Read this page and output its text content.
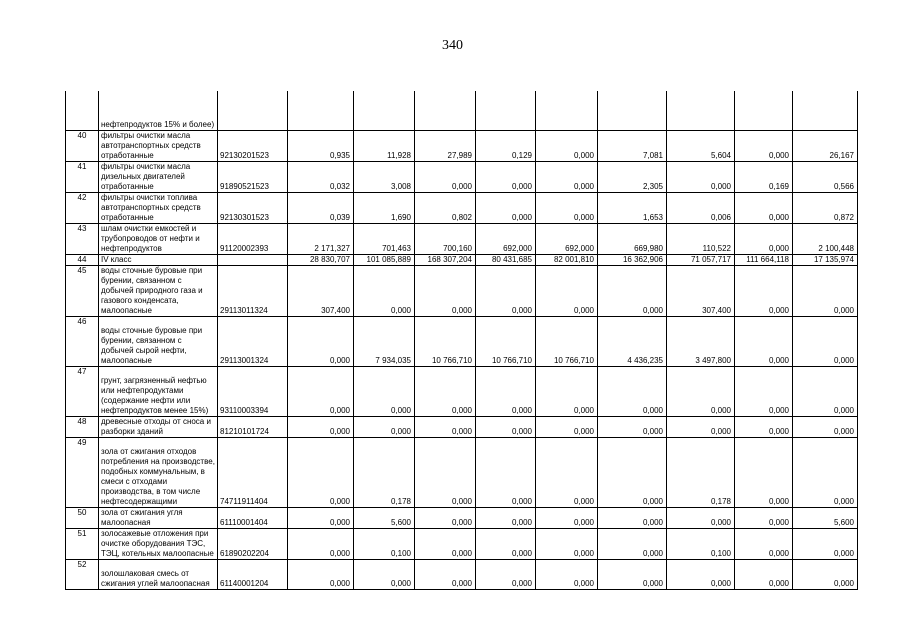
340
	нефтепродуктов 15% и более)										
40	фильтры очистки масла автотранспортных средств отработанные	92130201523	0,935	11,928	27,989	0,129	0,000	7,081	5,604	0,000	26,167
41	фильтры очистки масла дизельных двигателей отработанные	91890521523	0,032	3,008	0,000	0,000	0,000	2,305	0,000	0,169	0,566
42	фильтры очистки топлива автотранспортных средств отработанные	92130301523	0,039	1,690	0,802	0,000	0,000	1,653	0,006	0,000	0,872
43	шлам очистки емкостей и трубопроводов от нефти и нефтепродуктов	91120002393	2 171,327	701,463	700,160	692,000	692,000	669,980	110,522	0,000	2 100,448
44	IV класс		28 830,707	101 085,889	168 307,204	80 431,685	82 001,810	16 362,906	71 057,717	111 664,118	17 135,974
45	воды сточные буровые при бурении, связанном с добычей природного газа и газового конденсата, малоопасные	29113011324	307,400	0,000	0,000	0,000	0,000	0,000	307,400	0,000	0,000
46	воды сточные буровые при бурении, связанном с добычей сырой нефти, малоопасные	29113001324	0,000	7 934,035	10 766,710	10 766,710	10 766,710	4 436,235	3 497,800	0,000	0,000
47	грунт, загрязненный нефтью или нефтепродуктами (содержание нефти или нефтепродуктов менее 15%)	93110003394	0,000	0,000	0,000	0,000	0,000	0,000	0,000	0,000	0,000
48	древесные отходы от сноса и разборки зданий	81210101724	0,000	0,000	0,000	0,000	0,000	0,000	0,000	0,000	0,000
49	зола от сжигания отходов потребления на производстве, подобных коммунальным, в смеси с отходами производства, в том числе нефтесодержащими	74711911404	0,000	0,178	0,000	0,000	0,000	0,000	0,178	0,000	0,000
50	зола от сжигания угля малоопасная	61110001404	0,000	5,600	0,000	0,000	0,000	0,000	0,000	0,000	5,600
51	золосажевые отложения при очистке оборудования ТЭС, ТЭЦ, котельных малоопасные	61890202204	0,000	0,100	0,000	0,000	0,000	0,000	0,100	0,000	0,000
52	золошлаковая смесь от сжигания углей малоопасная	61140001204	0,000	0,000	0,000	0,000	0,000	0,000	0,000	0,000	0,000
